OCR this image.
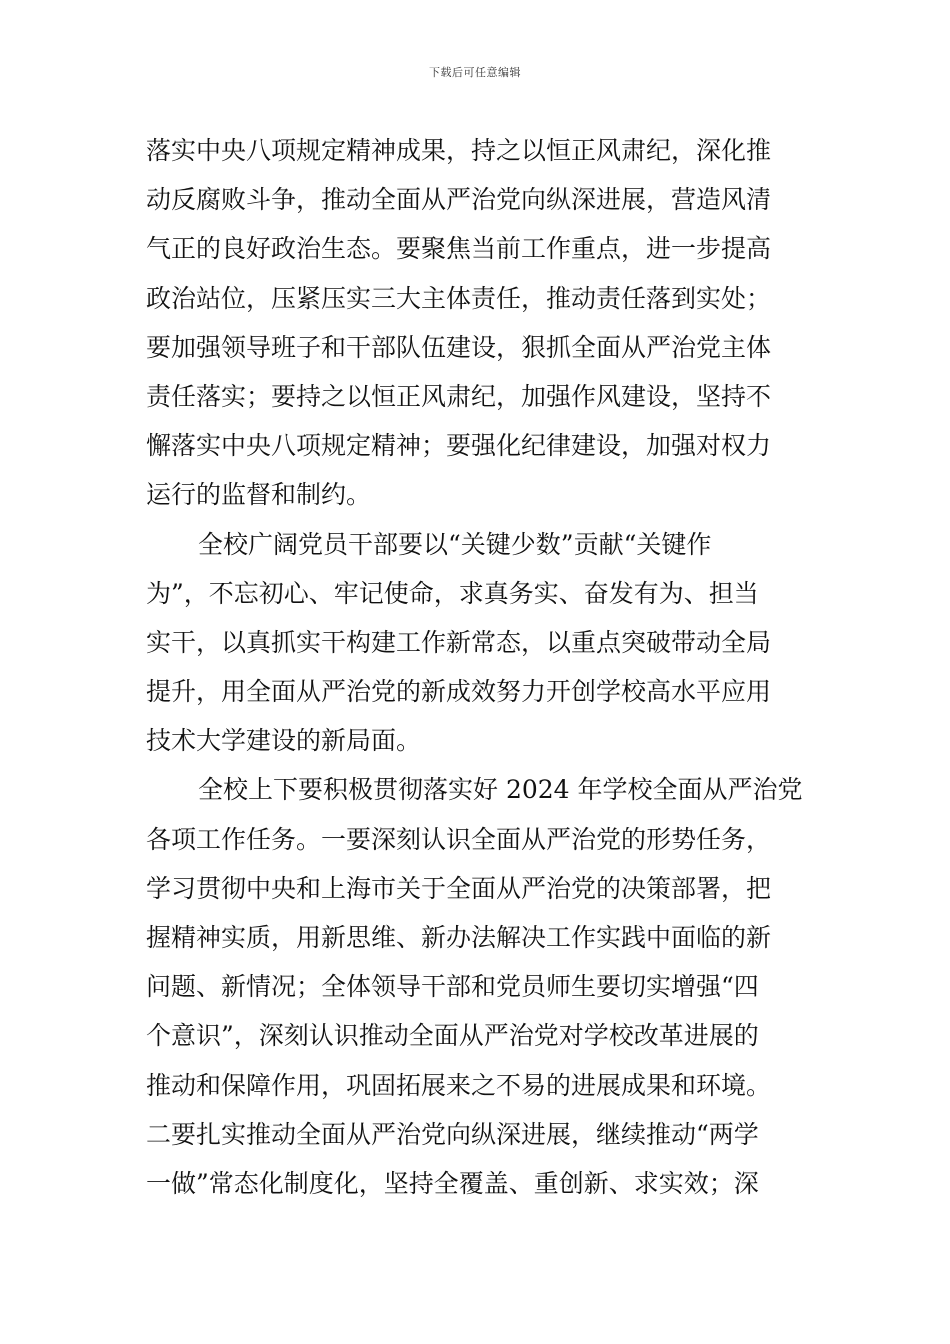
下载后可任意编辑
落实中央八项规定精神成果，持之以恒正风肃纪，深化推
动反腐败斗争，推动全面从严治党向纵深进展，营造风清
气正的良好政治生态。要聚焦当前工作重点，进一步提高
政治站位，压紧压实三大主体责任，推动责任落到实处；
要加强领导班子和干部队伍建设，狠抓全面从严治党主体
责任落实；要持之以恒正风肃纪，加强作风建设，坚持不
懈落实中央八项规定精神；要强化纪律建设，加强对权力
运行的监督和制约。
全校广阔党员干部要以“关键少数”贡献“关键作
为”，不忘初心、牢记使命，求真务实、奋发有为、担当
实干，以真抓实干构建工作新常态，以重点突破带动全局
提升，用全面从严治党的新成效努力开创学校高水平应用
技术大学建设的新局面。
全校上下要积极贯彻落实好 2024 年学校全面从严治党
各项工作任务。一要深刻认识全面从严治党的形势任务，
学习贯彻中央和上海市关于全面从严治党的决策部署，把
握精神实质，用新思维、新办法解决工作实践中面临的新
问题、新情况；全体领导干部和党员师生要切实增强“四
个意识”，深刻认识推动全面从严治党对学校改革进展的
推动和保障作用，巩固拓展来之不易的进展成果和环境。
二要扎实推动全面从严治党向纵深进展，继续推动“两学
一做”常态化制度化，坚持全覆盖、重创新、求实效；深
